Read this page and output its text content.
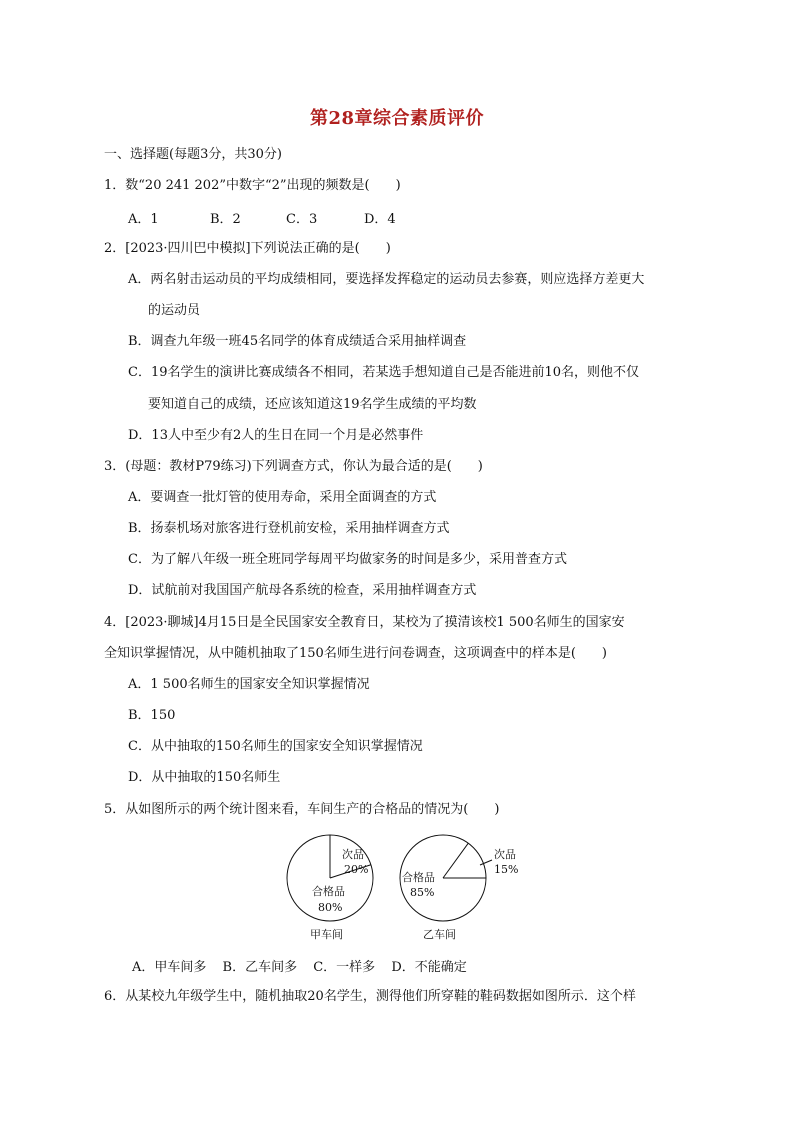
第28章综合素质评价
一、选择题(每题3分，共30分)
1．数“20 241 202”中数字“2”出现的频数是(　　)
A．1	B．2	C．3	D．4
2．[2023·四川巴中模拟]下列说法正确的是(　　)
A．两名射击运动员的平均成绩相同，要选择发挥稳定的运动员去参赛，则应选择方差更大
的运动员
B．调查九年级一班45名同学的体育成绩适合采用抽样调查
C．19名学生的演讲比赛成绩各不相同，若某选手想知道自己是否能进前10名，则他不仅
要知道自己的成绩，还应该知道这19名学生成绩的平均数
D．13人中至少有2人的生日在同一个月是必然事件
3．(母题：教材P79练习)下列调查方式，你认为最合适的是(　　)
A．要调查一批灯管的使用寿命，采用全面调查的方式
B．扬泰机场对旅客进行登机前安检，采用抽样调查方式
C．为了解八年级一班全班同学每周平均做家务的时间是多少，采用普查方式
D．试航前对我国国产航母各系统的检查，采用抽样调查方式
4．[2023·聊城]4月15日是全民国家安全教育日，某校为了摸清该校1 500名师生的国家安
全知识掌握情况，从中随机抽取了150名师生进行问卷调查，这项调查中的样本是(　　)
A．1 500名师生的国家安全知识掌握情况
B．150
C．从中抽取的150名师生的国家安全知识掌握情况
D．从中抽取的150名师生
5．从如图所示的两个统计图来看，车间生产的合格品的情况为(　　)
次品
20%
合格品
80%
甲车间
次品
15%
合格品
85%
乙车间
A．甲车间多 B．乙车间多 C．一样多 D．不能确定
6．从某校九年级学生中，随机抽取20名学生，测得他们所穿鞋的鞋码数据如图所示．这个样
